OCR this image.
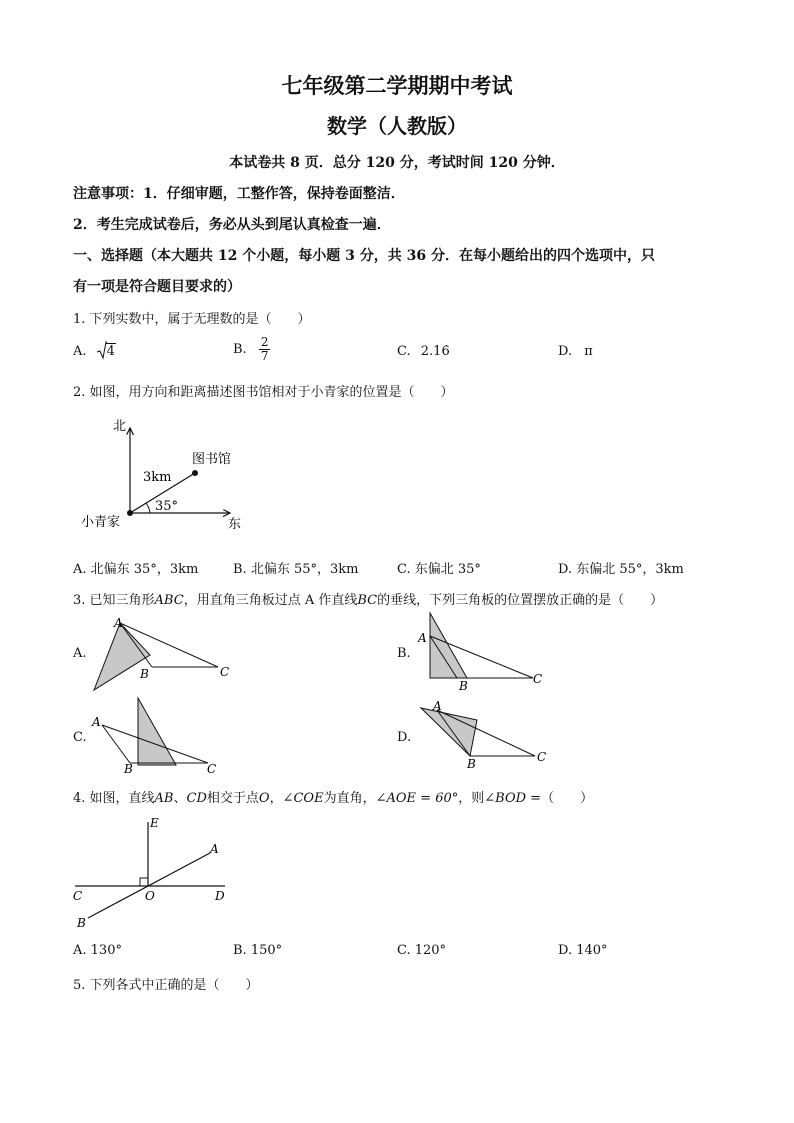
七年级第二学期期中考试
数学（人教版）
本试卷共 8 页．总分 120 分，考试时间 120 分钟．
注意事项：1．仔细审题，工整作答，保持卷面整洁．
2．考生完成试卷后，务必从头到尾认真检查一遍．
一、选择题（本大题共 12 个小题，每小题 3 分，共 36 分．在每小题给出的四个选项中，只
有一项是符合题目要求的）
1. 下列实数中，属于无理数的是（　　）
A. 4	B. $\frac{2}{7}$	C. 2.16̇	D. π
2. 如图，用方向和距离描述图书馆相对于小青家的位置是（　　）
北
东
小青家
图书馆
3km
35°
A. 北偏东 35°，3km	B. 北偏东 55°，3km	C. 东偏北 35°	D. 东偏北 55°，3km
3. 已知三角形ABC，用直角三角板过点 A 作直线BC的垂线，下列三角板的位置摆放正确的是（　　）
A.
A
B	C
B.
A
B	C
C.
A
B	C
D.
A
B	C
4. 如图，直线AB、CD相交于点O，∠COE为直角，∠AOE = 60°，则∠BOD =（　　）
E
A
C	O	D
B
A. 130°	B. 150°	C. 120°	D. 140°
5. 下列各式中正确的是（　　）
